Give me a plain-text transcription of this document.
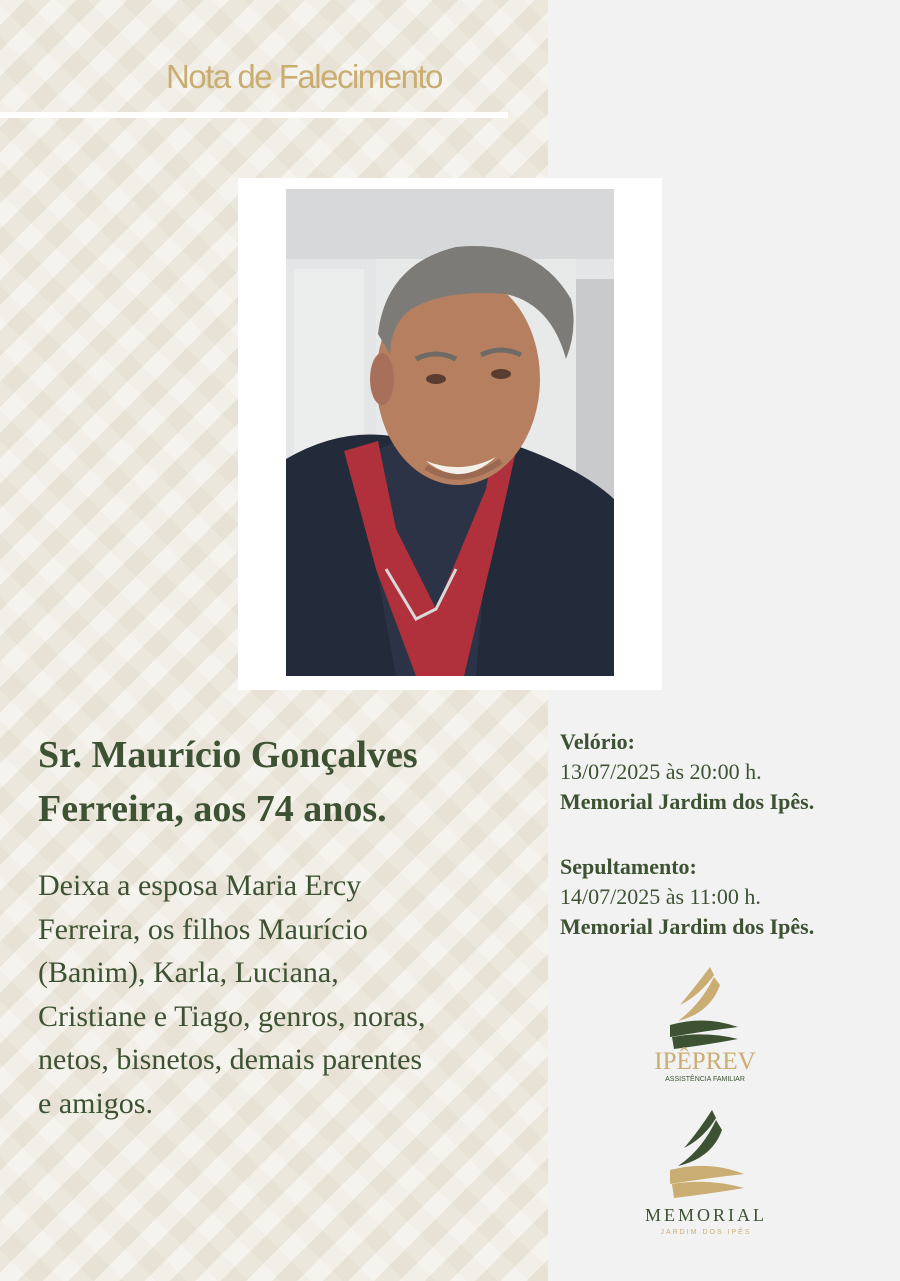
Nota de Falecimento
Sr. Maurício Gonçalves
Ferreira, aos 74 anos.
Deixa a esposa Maria Ercy
Ferreira, os filhos Maurício
(Banim), Karla, Luciana,
Cristiane e Tiago, genros, noras,
netos, bisnetos, demais parentes
e amigos.
Velório:
13/07/2025 às 20:00 h.
Memorial Jardim dos Ipês.
Sepultamento:
14/07/2025 às 11:00 h.
Memorial Jardim dos Ipês.
IPÊPREV
ASSISTÊNCIA FAMILIAR
MEMORIAL
JARDIM DOS IPÊS
